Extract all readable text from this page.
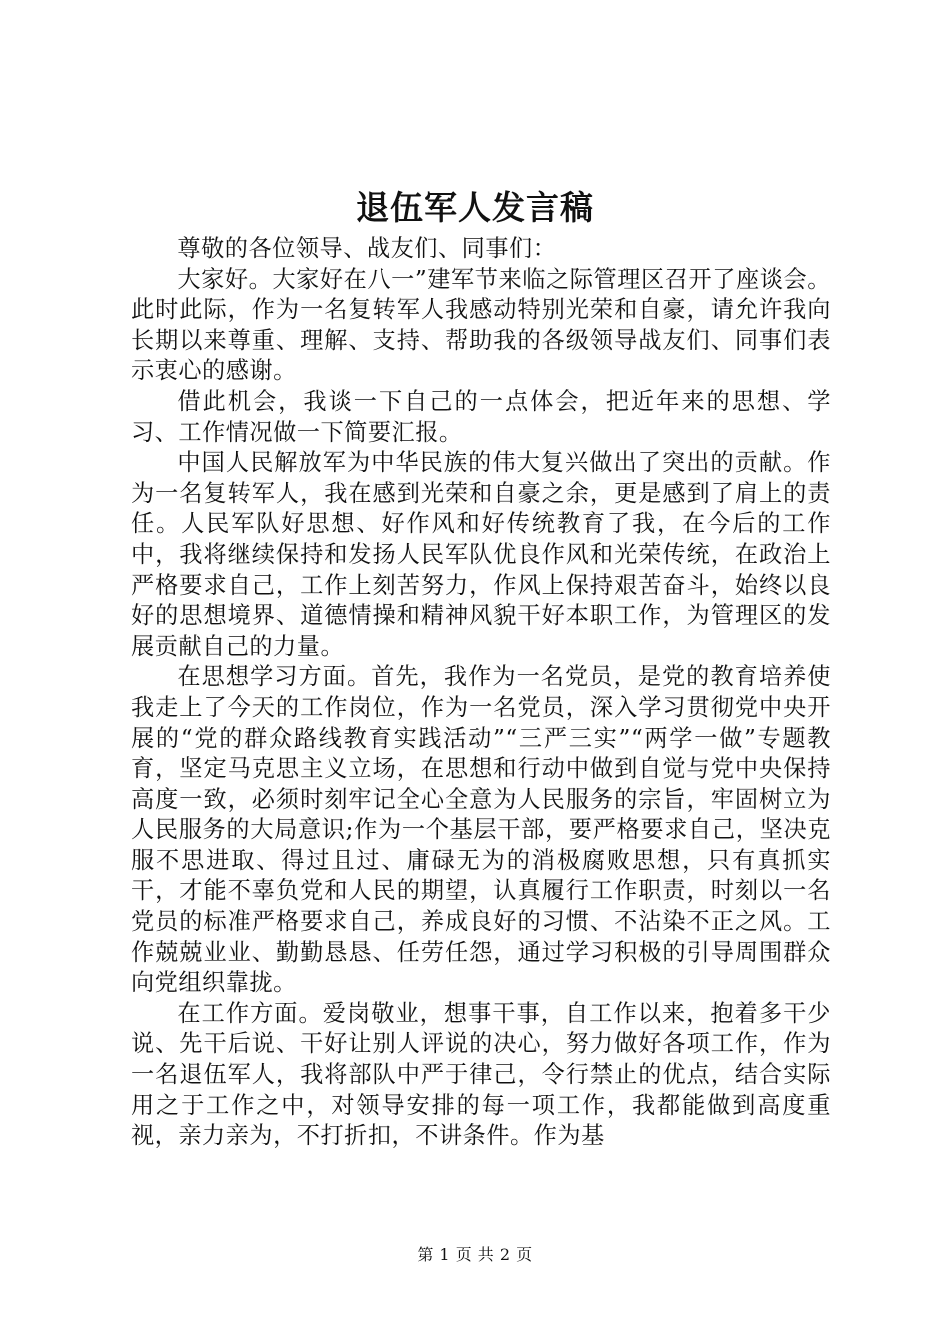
退伍军人发言稿

尊敬的各位领导、战友们、同事们：

大家好。大家好在八一”建军节来临之际管理区召开了座谈会。此时此际，作为一名复转军人我感动特别光荣和自豪，请允许我向长期以来尊重、理解、支持、帮助我的各级领导战友们、同事们表示衷心的感谢。

借此机会，我谈一下自己的一点体会，把近年来的思想、学习、工作情况做一下简要汇报。

中国人民解放军为中华民族的伟大复兴做出了突出的贡献。作为一名复转军人，我在感到光荣和自豪之余，更是感到了肩上的责任。人民军队好思想、好作风和好传统教育了我，在今后的工作中，我将继续保持和发扬人民军队优良作风和光荣传统，在政治上严格要求自己，工作上刻苦努力，作风上保持艰苦奋斗，始终以良好的思想境界、道德情操和精神风貌干好本职工作，为管理区的发展贡献自己的力量。

在思想学习方面。首先，我作为一名党员，是党的教育培养使我走上了今天的工作岗位，作为一名党员，深入学习贯彻党中央开展的“党的群众路线教育实践活动”“三严三实”“两学一做”专题教育，坚定马克思主义立场，在思想和行动中做到自觉与党中央保持高度一致，必须时刻牢记全心全意为人民服务的宗旨，牢固树立为人民服务的大局意识;作为一个基层干部，要严格要求自己，坚决克服不思进取、得过且过、庸碌无为的消极腐败思想，只有真抓实干，才能不辜负党和人民的期望，认真履行工作职责，时刻以一名党员的标准严格要求自己，养成良好的习惯、不沾染不正之风。工作兢兢业业、勤勤恳恳、任劳任怨，通过学习积极的引导周围群众向党组织靠拢。

在工作方面。爱岗敬业，想事干事，自工作以来，抱着多干少说、先干后说、干好让别人评说的决心，努力做好各项工作，作为一名退伍军人，我将部队中严于律己，令行禁止的优点，结合实际用之于工作之中，对领导安排的每一项工作，我都能做到高度重视，亲力亲为，不打折扣，不讲条件。作为基

第 1 页 共 2 页
